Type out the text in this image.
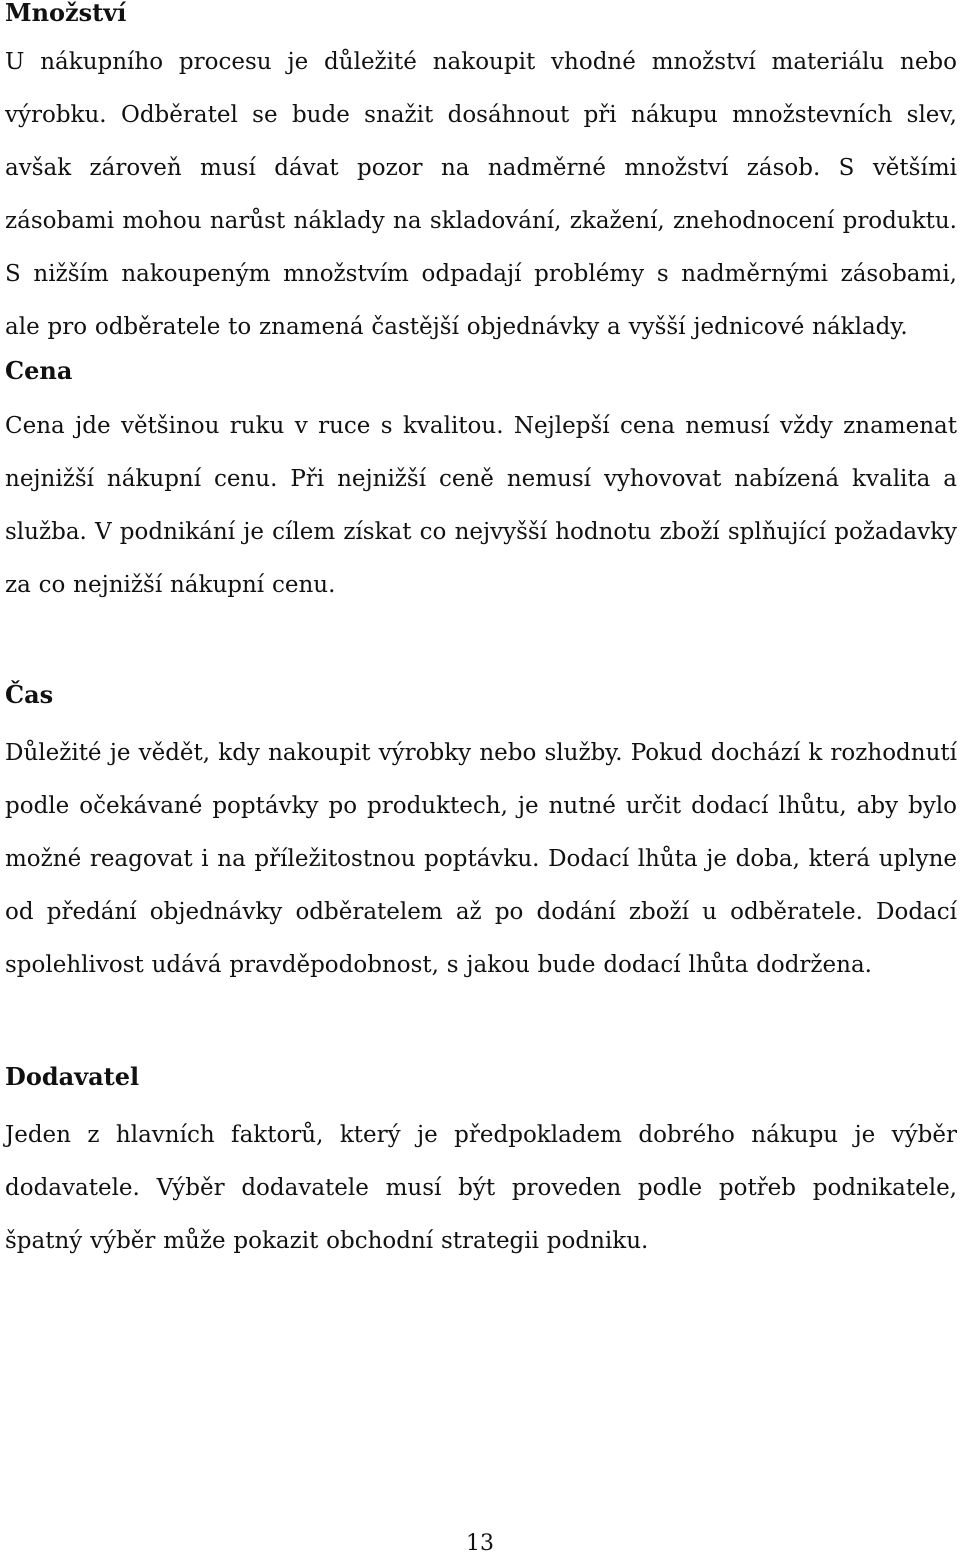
Množství

U nákupního procesu je důležité nakoupit vhodné množství materiálu nebo výrobku. Odběratel se bude snažit dosáhnout při nákupu množstevních slev, avšak zároveň musí dávat pozor na nadměrné množství zásob. S většími zásobami mohou narůst náklady na skladování, zkažení, znehodnocení produktu. S nižším nakoupeným množstvím odpadají problémy s nadměrnými zásobami, ale pro odběratele to znamená častější objednávky a vyšší jednicové náklady.

Cena

Cena jde většinou ruku v ruce s kvalitou. Nejlepší cena nemusí vždy znamenat nejnižší nákupní cenu. Při nejnižší ceně nemusí vyhovovat nabízená kvalita a služba. V podnikání je cílem získat co nejvyšší hodnotu zboží splňující požadavky za co nejnižší nákupní cenu.

Čas

Důležité je vědět, kdy nakoupit výrobky nebo služby. Pokud dochází k rozhodnutí podle očekávané poptávky po produktech, je nutné určit dodací lhůtu, aby bylo možné reagovat i na příležitostnou poptávku. Dodací lhůta je doba, která uplyne od předání objednávky odběratelem až po dodání zboží u odběratele. Dodací spolehlivost udává pravděpodobnost, s jakou bude dodací lhůta dodržena.

Dodavatel

Jeden z hlavních faktorů, který je předpokladem dobrého nákupu je výběr dodavatele. Výběr dodavatele musí být proveden podle potřeb podnikatele, špatný výběr může pokazit obchodní strategii podniku.

13
